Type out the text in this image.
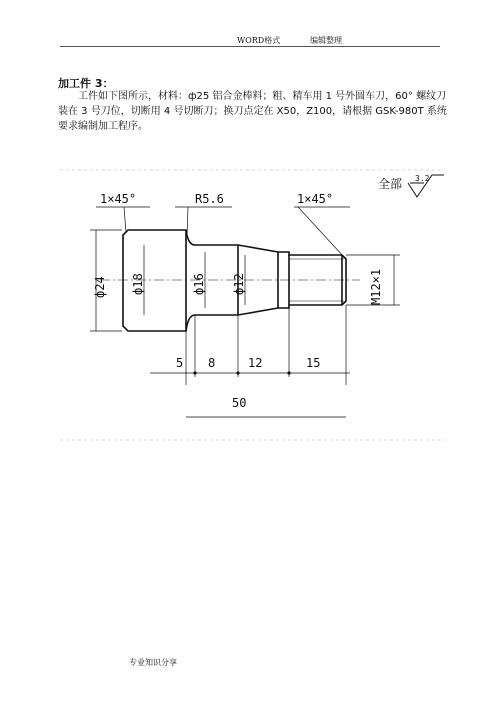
WORD格式	编辑整理
加工件 3：
工件如下图所示，材料：ф25 铝合金棒料；粗、精车用 1 号外圆车刀，60° 螺纹刀装在 3 号刀位，切断用 4 号切断刀；换刀点定在 X50，Z100，请根据 GSK-980T 系统要求编制加工程序。
全部 3.2
1×45°	R5.6	1×45°
ф24 ф18	ф16 ф12	M12×1
5 8	12	15
50
专业知识分享
